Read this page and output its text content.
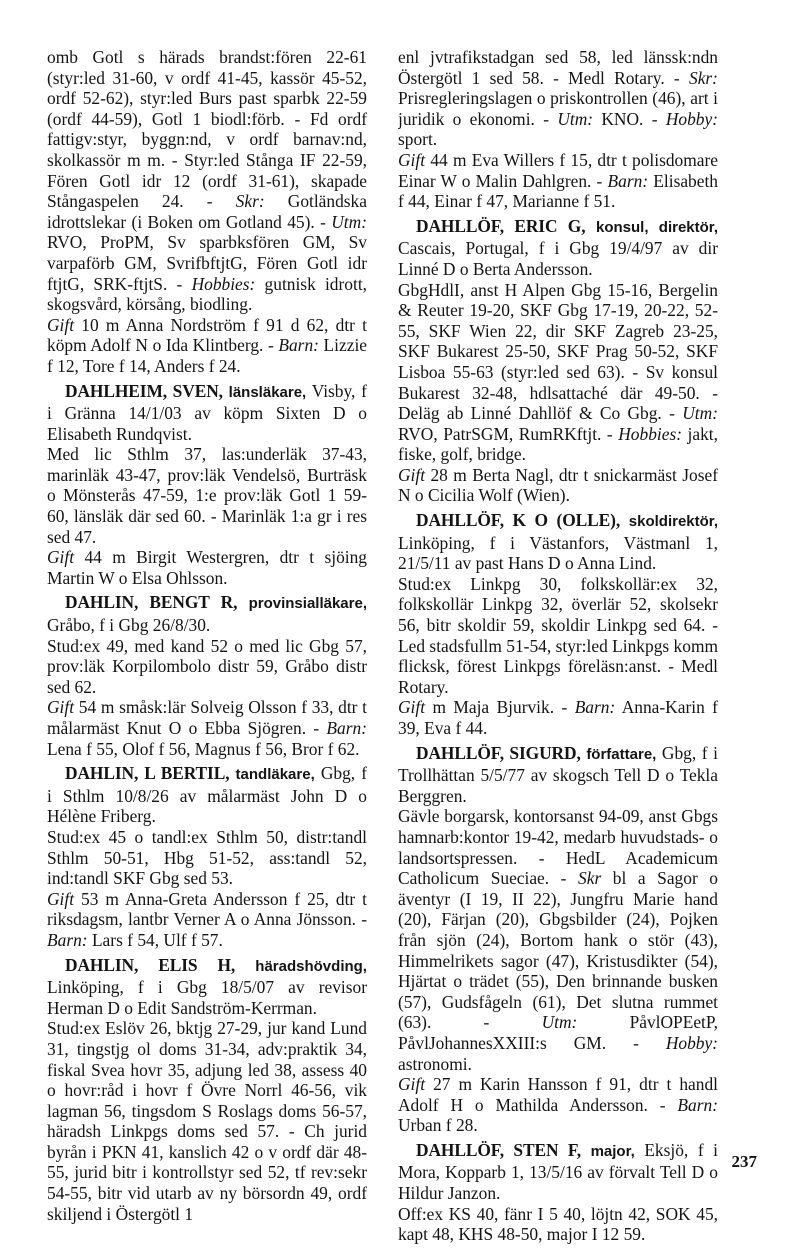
omb Gotl s härads brandst:fören 22-61 (styr:led 31-60, v ordf 41-45, kassör 45-52, ordf 52-62), styr:led Burs past sparbk 22-59 (ordf 44-59), Gotl 1 biodl:förb. - Fd ordf fattigv:styr, byggn:nd, v ordf barnav:nd, skolkassör m m. - Styr:led Stånga IF 22-59, Fören Gotl idr 12 (ordf 31-61), skapade Stångaspelen 24. - Skr: Gotländska idrottslekar (i Boken om Gotland 45). - Utm: RVO, ProPM, Sv sparbksfören GM, Sv varpaförb GM, SvrifbftjtG, Fören Gotl idr ftjtG, SRK-ftjtS. - Hobbies: gutnisk idrott, skogsvård, körsång, biodling.

Gift 10 m Anna Nordström f 91 d 62, dtr t köpm Adolf N o Ida Klintberg. - Barn: Lizzie f 12, Tore f 14, Anders f 24.

DAHLHEIM, SVEN, länsläkare, Visby, f i Gränna 14/1/03 av köpm Sixten D o Elisabeth Rundqvist.

Med lic Sthlm 37, las:underläk 37-43, marinläk 43-47, prov:läk Vendelsö, Burträsk o Mönsterås 47-59, 1:e prov:läk Gotl 1 59-60, länsläk där sed 60. - Marinläk 1:a gr i res sed 47.

Gift 44 m Birgit Westergren, dtr t sjöing Martin W o Elsa Ohlsson.

DAHLIN, BENGT R, provinsialläkare, Gråbo, f i Gbg 26/8/30.

Stud:ex 49, med kand 52 o med lic Gbg 57, prov:läk Korpilombolo distr 59, Gråbo distr sed 62.

Gift 54 m småsk:lär Solveig Olsson f 33, dtr t målarmäst Knut O o Ebba Sjögren. - Barn: Lena f 55, Olof f 56, Magnus f 56, Bror f 62.

DAHLIN, L BERTIL, tandläkare, Gbg, f i Sthlm 10/8/26 av målarmäst John D o Hélène Friberg.

Stud:ex 45 o tandl:ex Sthlm 50, distr:tandl Sthlm 50-51, Hbg 51-52, ass:tandl 52, ind:tandl SKF Gbg sed 53.

Gift 53 m Anna-Greta Andersson f 25, dtr t riksdagsm, lantbr Verner A o Anna Jönsson. - Barn: Lars f 54, Ulf f 57.

DAHLIN, ELIS H, häradshövding, Linköping, f i Gbg 18/5/07 av revisor Herman D o Edit Sandström-Kerrman.

Stud:ex Eslöv 26, bktjg 27-29, jur kand Lund 31, tingstjg ol doms 31-34, adv:praktik 34, fiskal Svea hovr 35, adjung led 38, assess 40 o hovr:råd i hovr f Övre Norrl 46-56, vik lagman 56, tingsdom S Roslags doms 56-57, häradsh Linkpgs doms sed 57. - Ch jurid byrån i PKN 41, kanslich 42 o v ordf där 48-55, jurid bitr i kontrollstyr sed 52, tf rev:sekr 54-55, bitr vid utarb av ny börsordn 49, ordf skiljend i Östergötl 1

enl jvtrafikstadgan sed 58, led länssk:ndn Östergötl 1 sed 58. - Medl Rotary. - Skr: Prisregleringslagen o priskontrollen (46), art i juridik o ekonomi. - Utm: KNO. - Hobby: sport.

Gift 44 m Eva Willers f 15, dtr t polisdomare Einar W o Malin Dahlgren. - Barn: Elisabeth f 44, Einar f 47, Marianne f 51.

DAHLLÖF, ERIC G, konsul, direktör, Cascais, Portugal, f i Gbg 19/4/97 av dir Linné D o Berta Andersson.

GbgHdlI, anst H Alpen Gbg 15-16, Bergelin & Reuter 19-20, SKF Gbg 17-19, 20-22, 52-55, SKF Wien 22, dir SKF Zagreb 23-25, SKF Bukarest 25-50, SKF Prag 50-52, SKF Lisboa 55-63 (styr:led sed 63). - Sv konsul Bukarest 32-48, hdlsattaché där 49-50. - Deläg ab Linné Dahllöf & Co Gbg. - Utm: RVO, PatrSGM, RumRKftjt. - Hobbies: jakt, fiske, golf, bridge.

Gift 28 m Berta Nagl, dtr t snickarmäst Josef N o Cicilia Wolf (Wien).

DAHLLÖF, K O (OLLE), skoldirektör, Linköping, f i Västanfors, Västmanl 1, 21/5/11 av past Hans D o Anna Lind.

Stud:ex Linkpg 30, folkskollär:ex 32, folkskollär Linkpg 32, överlär 52, skolsekr 56, bitr skoldir 59, skoldir Linkpg sed 64. - Led stadsfullm 51-54, styr:led Linkpgs komm flicksk, förest Linkpgs föreläsn:anst. - Medl Rotary.

Gift m Maja Bjurvik. - Barn: Anna-Karin f 39, Eva f 44.

DAHLLÖF, SIGURD, författare, Gbg, f i Trollhättan 5/5/77 av skogsch Tell D o Tekla Berggren.

Gävle borgarsk, kontorsanst 94-09, anst Gbgs hamnarb:kontor 19-42, medarb huvudstads- o landsortspressen. - HedL Academicum Catholicum Sueciae. - Skr bl a Sagor o äventyr (I 19, II 22), Jungfru Marie hand (20), Färjan (20), Gbgsbilder (24), Pojken från sjön (24), Bortom hank o stör (43), Himmelrikets sagor (47), Kristusdikter (54), Hjärtat o trädet (55), Den brinnande busken (57), Gudsfågeln (61), Det slutna rummet (63). -	Utm:	PåvlOPEetP, PåvlJohannesXXIII:s GM. - Hobby: astronomi.

Gift 27 m Karin Hansson f 91, dtr t handl Adolf H o Mathilda Andersson. - Barn: Urban f 28.

DAHLLÖF, STEN F, major, Eksjö, f i Mora, Kopparb 1, 13/5/16 av förvalt Tell D o Hildur Janzon.

Off:ex KS 40, fänr I 5 40, löjtn 42, SOK 45, kapt 48, KHS 48-50, major I 12 59.

237
